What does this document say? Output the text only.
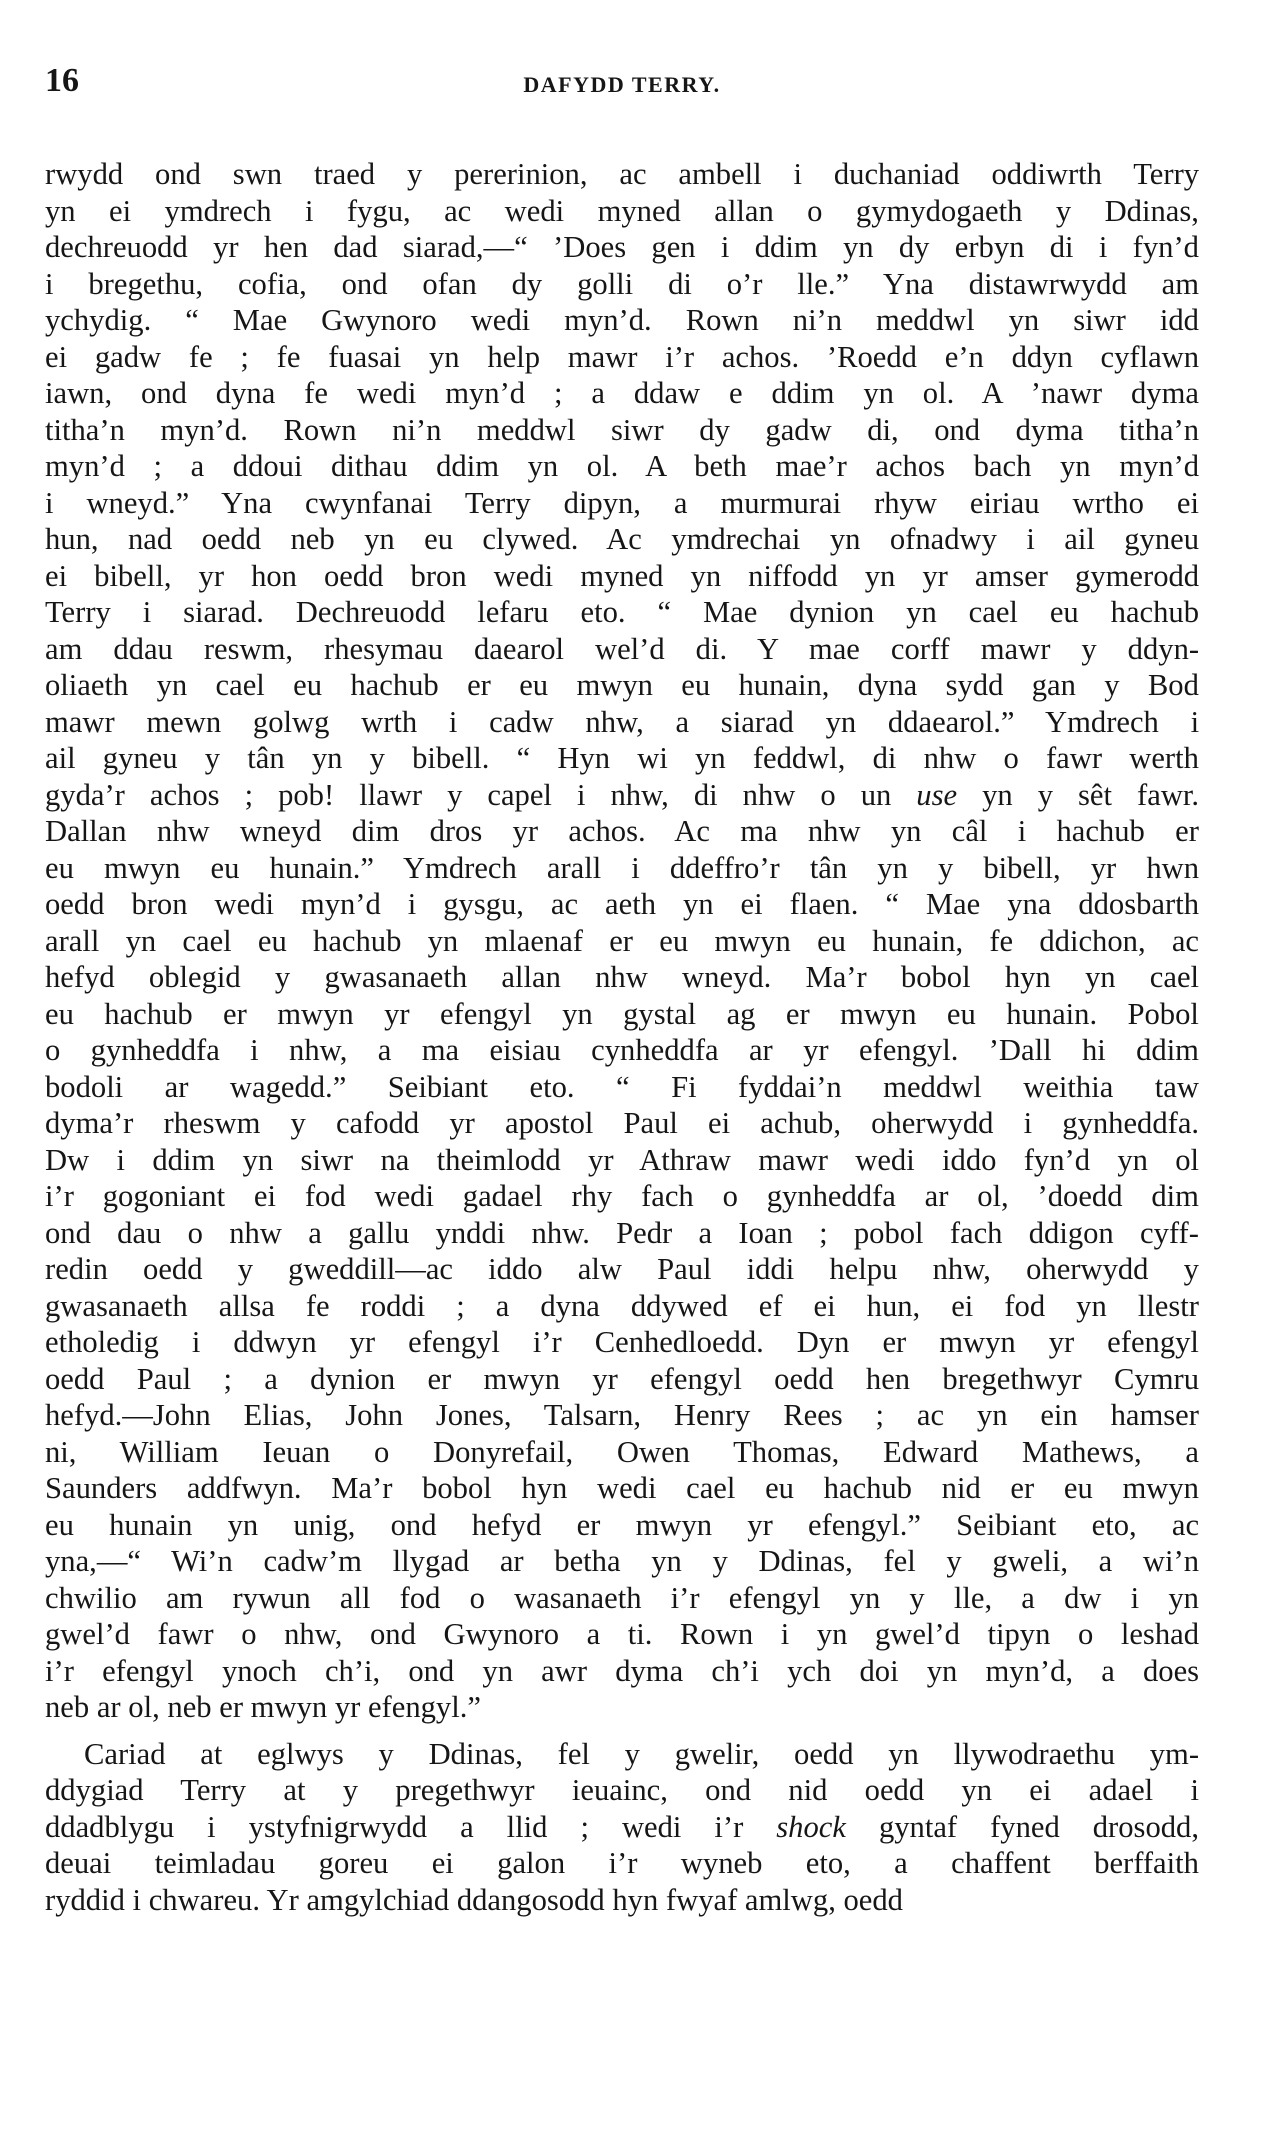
16	DAFYDD TERRY.
rwydd ond swn traed y pererinion, ac ambell i duchaniad oddiwrth Terry
yn ei ymdrech i fygu, ac wedi myned allan o gymydogaeth y Ddinas,
dechreuodd yr hen dad siarad,—“ ’Does gen i ddim yn dy erbyn di i fyn’d
i bregethu, cofia, ond ofan dy golli di o’r lle.” Yna distawrwydd am
ychydig. “ Mae Gwynoro wedi myn’d. Rown ni’n meddwl yn siwr idd
ei gadw fe ; fe fuasai yn help mawr i’r achos. ’Roedd e’n ddyn cyflawn
iawn, ond dyna fe wedi myn’d ; a ddaw e ddim yn ol. A ’nawr dyma
titha’n myn’d. Rown ni’n meddwl siwr dy gadw di, ond dyma titha’n
myn’d ; a ddoui dithau ddim yn ol. A beth mae’r achos bach yn myn’d
i wneyd.” Yna cwynfanai Terry dipyn, a murmurai rhyw eiriau wrtho ei
hun, nad oedd neb yn eu clywed. Ac ymdrechai yn ofnadwy i ail gyneu
ei bibell, yr hon oedd bron wedi myned yn niffodd yn yr amser gymerodd
Terry i siarad. Dechreuodd lefaru eto. “ Mae dynion yn cael eu hachub
am ddau reswm, rhesymau daearol wel’d di. Y mae corff mawr y ddyn-
oliaeth yn cael eu hachub er eu mwyn eu hunain, dyna sydd gan y Bod
mawr mewn golwg wrth i cadw nhw, a siarad yn ddaearol.” Ymdrech i
ail gyneu y tân yn y bibell. “ Hyn wi yn feddwl, di nhw o fawr werth
gyda’r achos ; pob! llawr y capel i nhw, di nhw o un use yn y sêt fawr.
Dallan nhw wneyd dim dros yr achos. Ac ma nhw yn câl i hachub er
eu mwyn eu hunain.” Ymdrech arall i ddeffro’r tân yn y bibell, yr hwn
oedd bron wedi myn’d i gysgu, ac aeth yn ei flaen. “ Mae yna ddosbarth
arall yn cael eu hachub yn mlaenaf er eu mwyn eu hunain, fe ddichon, ac
hefyd oblegid y gwasanaeth allan nhw wneyd. Ma’r bobol hyn yn cael
eu hachub er mwyn yr efengyl yn gystal ag er mwyn eu hunain. Pobol
o gynheddfa i nhw, a ma eisiau cynheddfa ar yr efengyl. ’Dall hi ddim
bodoli ar wagedd.” Seibiant eto. “ Fi fyddai’n meddwl weithia taw
dyma’r rheswm y cafodd yr apostol Paul ei achub, oherwydd i gynheddfa.
Dw i ddim yn siwr na theimlodd yr Athraw mawr wedi iddo fyn’d yn ol
i’r gogoniant ei fod wedi gadael rhy fach o gynheddfa ar ol, ’doedd dim
ond dau o nhw a gallu ynddi nhw. Pedr a Ioan ; pobol fach ddigon cyff-
redin oedd y gweddill—ac iddo alw Paul iddi helpu nhw, oherwydd y
gwasanaeth allsa fe roddi ; a dyna ddywed ef ei hun, ei fod yn llestr
etholedig i ddwyn yr efengyl i’r Cenhedloedd. Dyn er mwyn yr efengyl
oedd Paul ; a dynion er mwyn yr efengyl oedd hen bregethwyr Cymru
hefyd.—John Elias, John Jones, Talsarn, Henry Rees ; ac yn ein hamser
ni, William Ieuan o Donyrefail, Owen Thomas, Edward Mathews, a
Saunders addfwyn. Ma’r bobol hyn wedi cael eu hachub nid er eu mwyn
eu hunain yn unig, ond hefyd er mwyn yr efengyl.” Seibiant eto, ac
yna,—“ Wi’n cadw’m llygad ar betha yn y Ddinas, fel y gweli, a wi’n
chwilio am rywun all fod o wasanaeth i’r efengyl yn y lle, a dw i yn
gwel’d fawr o nhw, ond Gwynoro a ti. Rown i yn gwel’d tipyn o leshad
i’r efengyl ynoch ch’i, ond yn awr dyma ch’i ych doi yn myn’d, a does
neb ar ol, neb er mwyn yr efengyl.”
Cariad at eglwys y Ddinas, fel y gwelir, oedd yn llywodraethu ym-
ddygiad Terry at y pregethwyr ieuainc, ond nid oedd yn ei adael i
ddadblygu i ystyfnigrwydd a llid ; wedi i’r shock gyntaf fyned drosodd,
deuai teimladau goreu ei galon i’r wyneb eto, a chaffent berffaith
ryddid i chwareu. Yr amgylchiad ddangosodd hyn fwyaf amlwg, oedd
